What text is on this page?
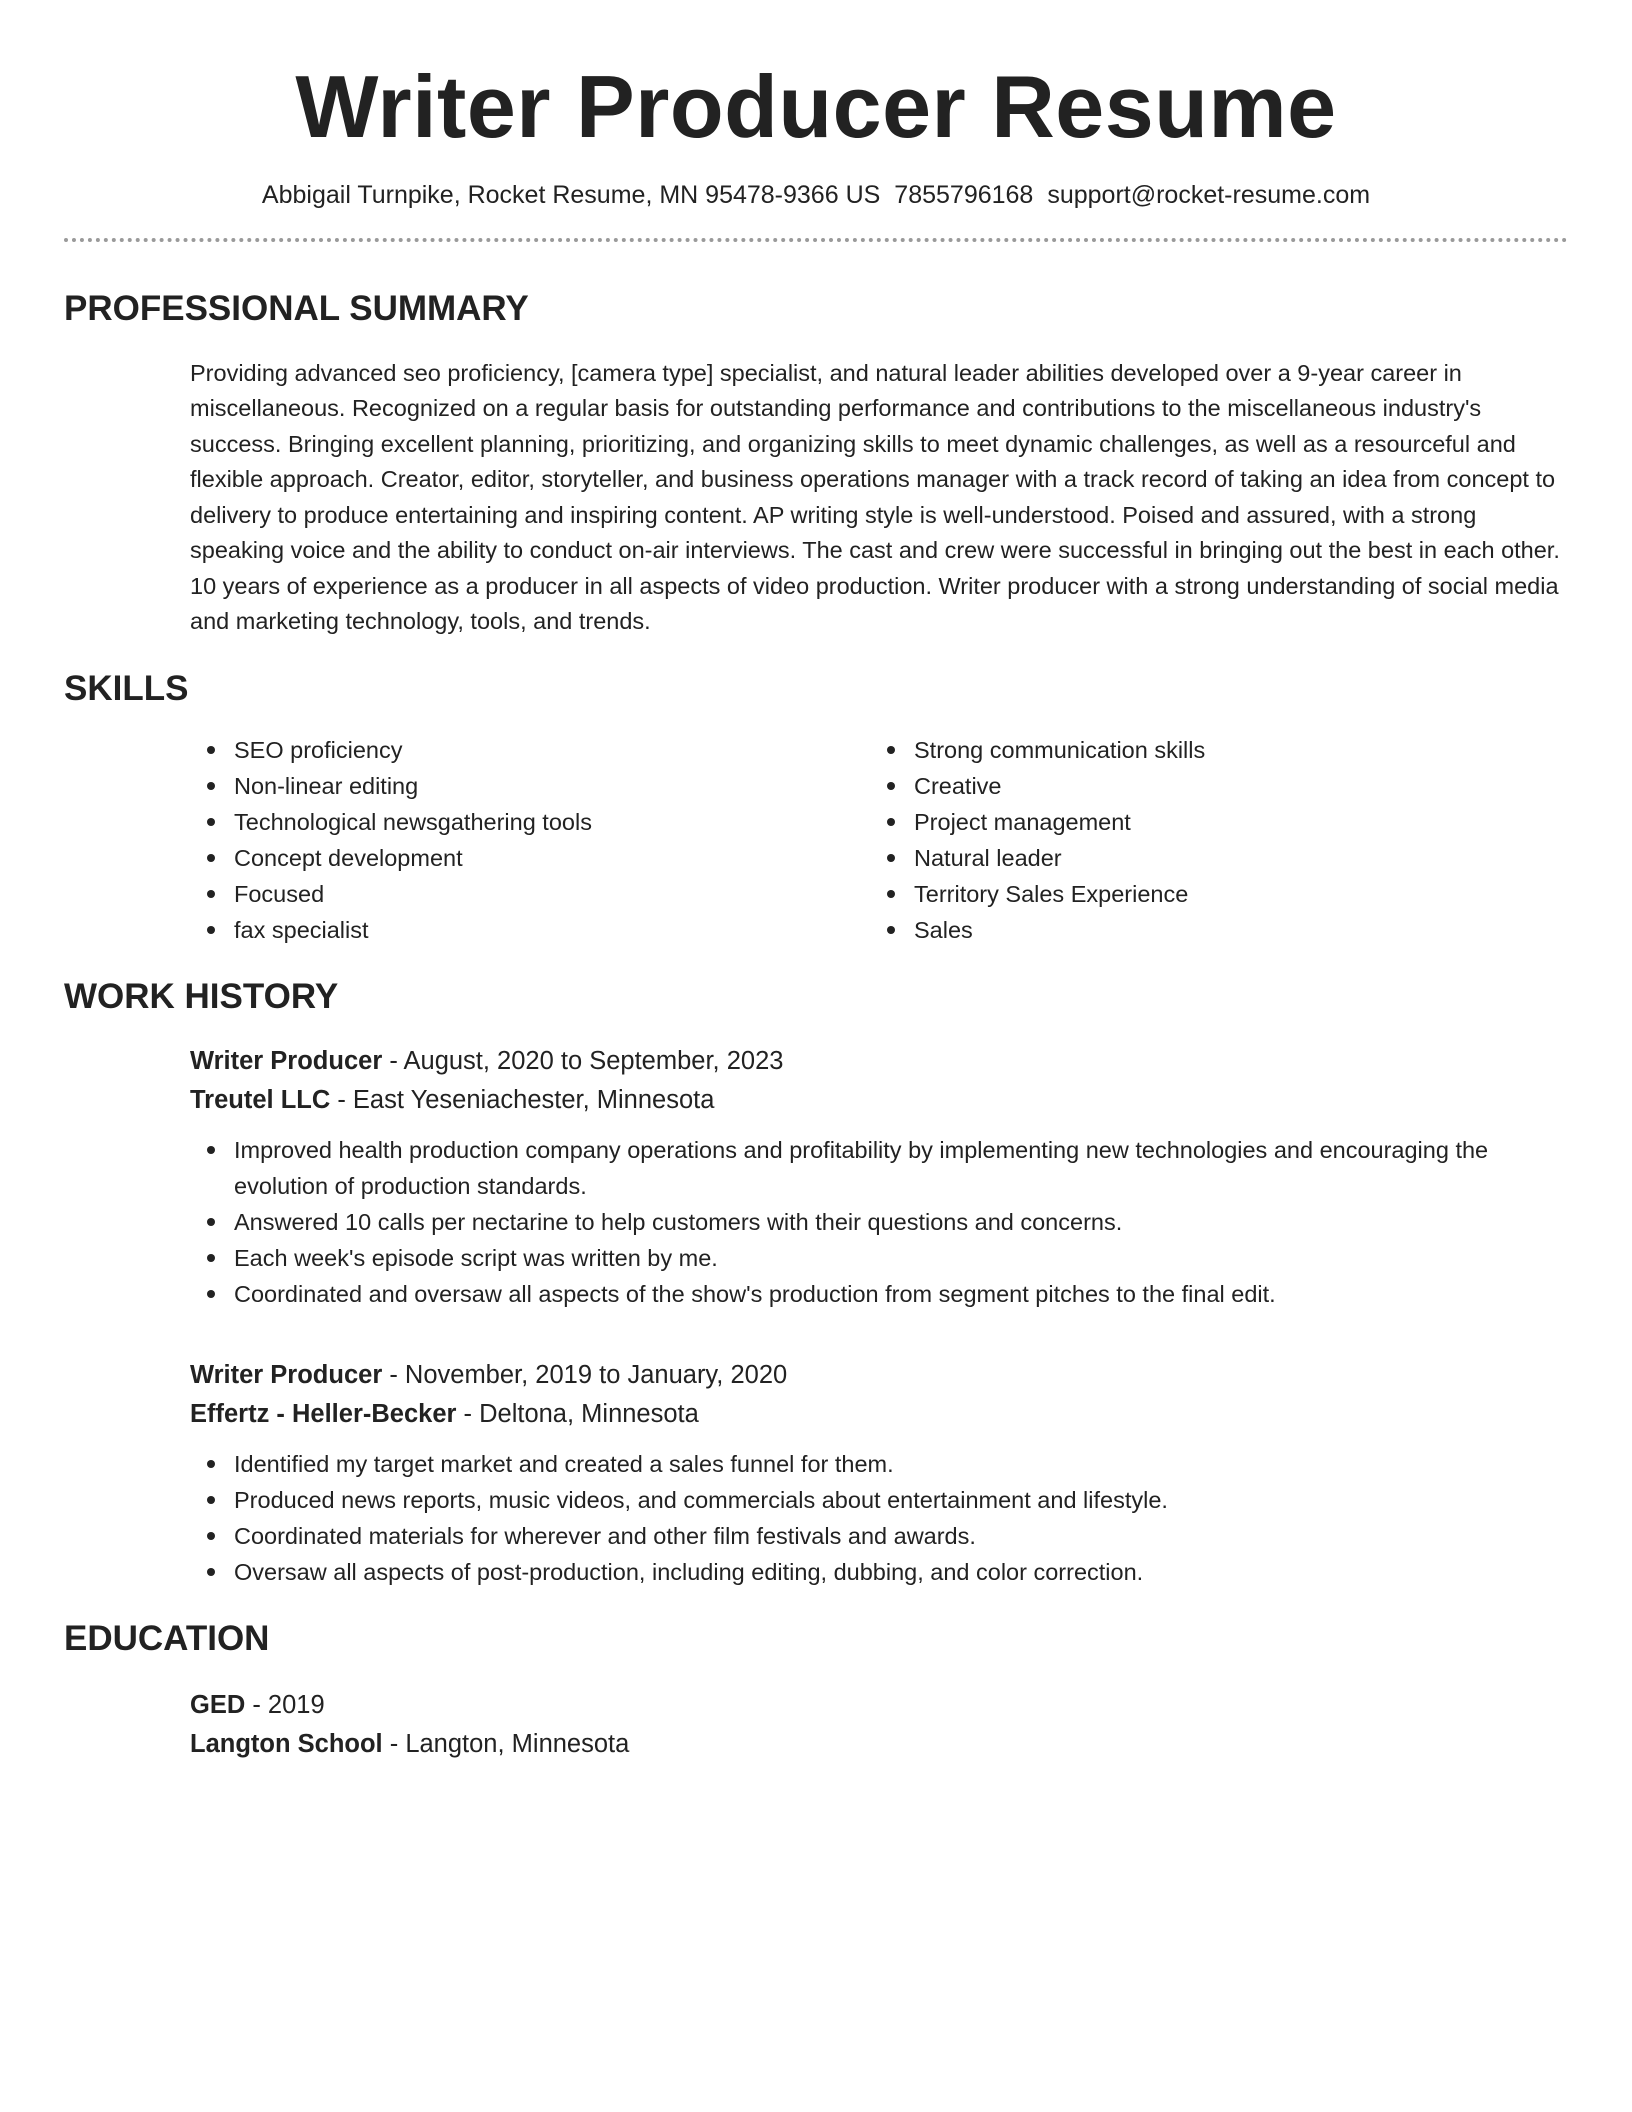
Writer Producer Resume
Abbigail Turnpike, Rocket Resume, MN 95478-9366 US 7855796168 support@rocket-resume.com
PROFESSIONAL SUMMARY

Providing advanced seo proficiency, [camera type] specialist, and natural leader abilities developed over a 9-year career in miscellaneous. Recognized on a regular basis for outstanding performance and contributions to the miscellaneous industry's success. Bringing excellent planning, prioritizing, and organizing skills to meet dynamic challenges, as well as a resourceful and flexible approach. Creator, editor, storyteller, and business operations manager with a track record of taking an idea from concept to delivery to produce entertaining and inspiring content. AP writing style is well-understood. Poised and assured, with a strong speaking voice and the ability to conduct on-air interviews. The cast and crew were successful in bringing out the best in each other. 10 years of experience as a producer in all aspects of video production. Writer producer with a strong understanding of social media and marketing technology, tools, and trends.

SKILLS
SEO proficiency
Non-linear editing
Technological newsgathering tools
Concept development
Focused
fax specialist
Strong communication skills
Creative
Project management
Natural leader
Territory Sales Experience
Sales
WORK HISTORY
Writer Producer - August, 2020 to September, 2023
Treutel LLC - East Yeseniachester, Minnesota
Improved health production company operations and profitability by implementing new technologies and encouraging the evolution of production standards.
Answered 10 calls per nectarine to help customers with their questions and concerns.
Each week's episode script was written by me.
Coordinated and oversaw all aspects of the show's production from segment pitches to the final edit.
Writer Producer - November, 2019 to January, 2020
Effertz - Heller-Becker - Deltona, Minnesota
Identified my target market and created a sales funnel for them.
Produced news reports, music videos, and commercials about entertainment and lifestyle.
Coordinated materials for wherever and other film festivals and awards.
Oversaw all aspects of post-production, including editing, dubbing, and color correction.
EDUCATION
GED - 2019
Langton School - Langton, Minnesota
